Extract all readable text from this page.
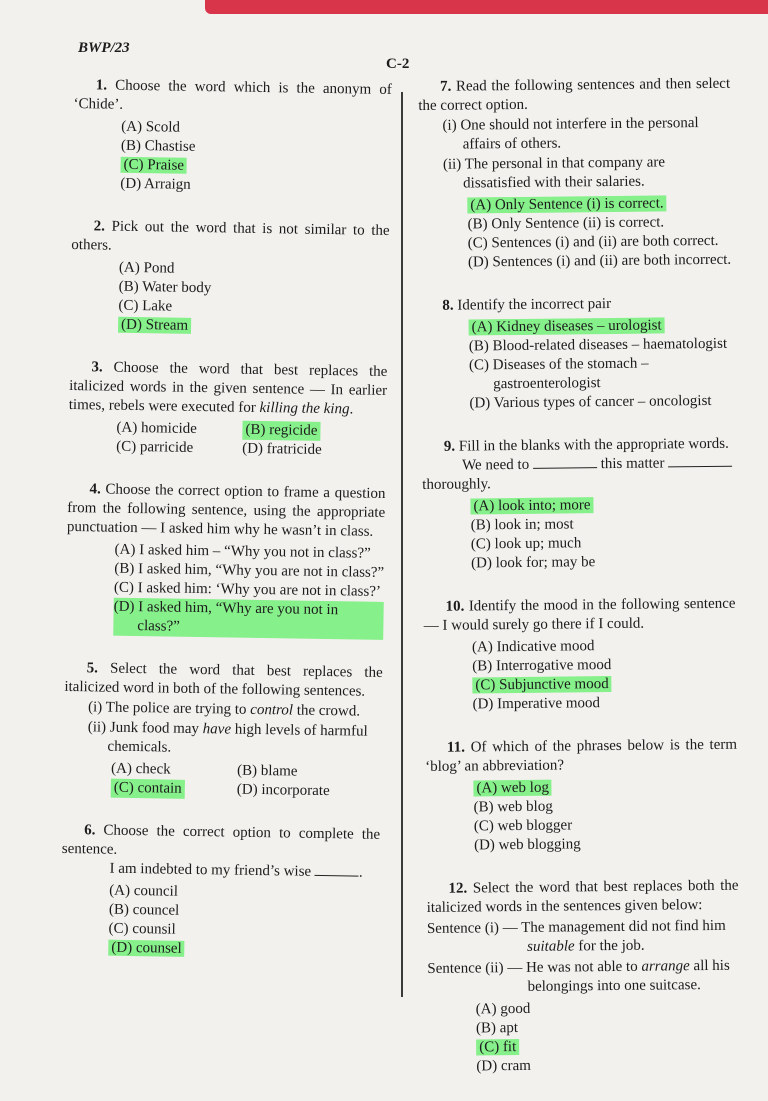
BWP/23
C-2
1. Choose the word which is the anonym of ‘Chide’.
(A) Scold
(B) Chastise
(C) Praise
(D) Arraign
2. Pick out the word that is not similar to the others.
(A) Pond
(B) Water body
(C) Lake
(D) Stream
3. Choose the word that best replaces the italicized words in the given sentence — In earlier times, rebels were executed for killing the king.
(A) homicide	(B) regicide
(C) parricide	(D) fratricide
4. Choose the correct option to frame a question from the following sentence, using the appropriate punctuation — I asked him why he wasn’t in class.
(A) I asked him – “Why you not in class?”
(B) I asked him, “Why you are not in class?”
(C) I asked him: ‘Why you are not in class?’
(D) I asked him, “Why are you not in class?”
5. Select the word that best replaces the italicized word in both of the following sentences.
(i) The police are trying to control the crowd.
(ii) Junk food may have high levels of harmful chemicals.
(A) check	(B) blame
(C) contain	(D) incorporate
6. Choose the correct option to complete the sentence.
I am indebted to my friend’s wise	.
(A) council
(B) councel
(C) counsil
(D) counsel
7. Read the following sentences and then select the correct option.
(i) One should not interfere in the personal affairs of others.
(ii) The personal in that company are dissatisfied with their salaries.
(A) Only Sentence (i) is correct.
(B) Only Sentence (ii) is correct.
(C) Sentences (i) and (ii) are both correct.
(D) Sentences (i) and (ii) are both incorrect.
8. Identify the incorrect pair
(A) Kidney diseases – urologist
(B) Blood-related diseases – haematologist
(C) Diseases of the stomach – gastroenterologist
(D) Various types of cancer – oncologist
9. Fill in the blanks with the appropriate words.
We need to	this matter
thoroughly.
(A) look into; more
(B) look in; most
(C) look up; much
(D) look for; may be
10. Identify the mood in the following sentence — I would surely go there if I could.
(A) Indicative mood
(B) Interrogative mood
(C) Subjunctive mood
(D) Imperative mood
11. Of which of the phrases below is the term ‘blog’ an abbreviation?
(A) web log
(B) web blog
(C) web blogger
(D) web blogging
12. Select the word that best replaces both the italicized words in the sentences given below:
Sentence (i) — The management did not find him suitable for the job.
Sentence (ii) — He was not able to arrange all his belongings into one suitcase.
(A) good
(B) apt
(C) fit
(D) cram
